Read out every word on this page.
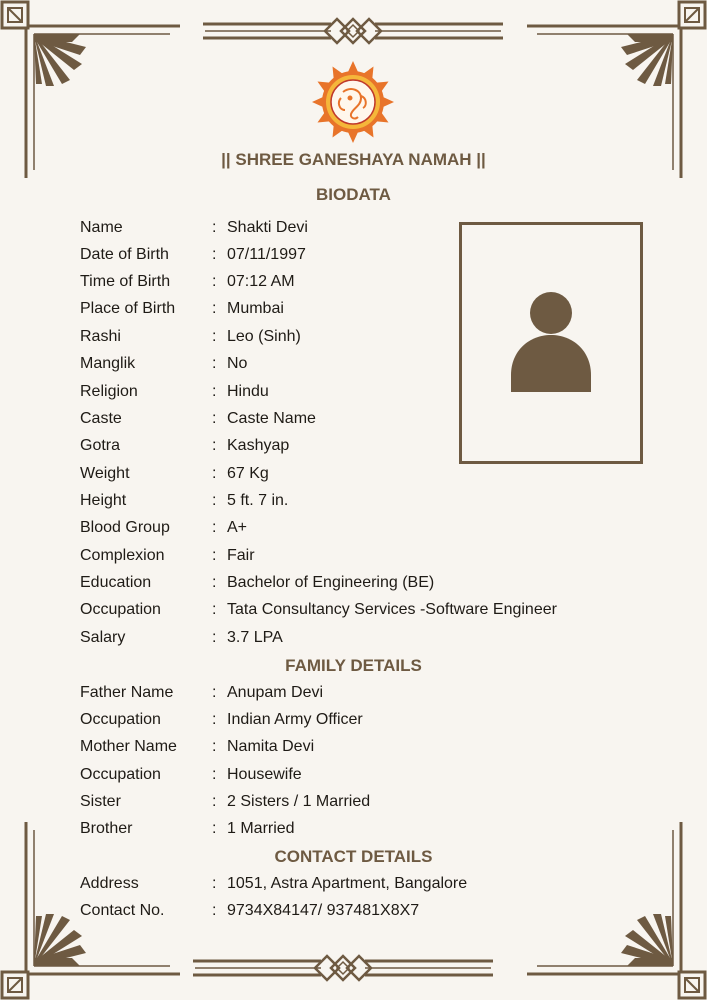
|| SHREE GANESHAYA NAMAH ||
BIODATA
Name	: Shakti Devi
Date of Birth	: 07/11/1997
Time of Birth	: 07:12 AM
Place of Birth	: Mumbai
Rashi	: Leo (Sinh)
Manglik	: No
Religion	: Hindu
Caste	: Caste Name
Gotra	: Kashyap
Weight	: 67 Kg
Height	: 5 ft. 7 in.
Blood Group	: A+
Complexion	: Fair
Education	: Bachelor of Engineering (BE)
Occupation	: Tata Consultancy Services -Software Engineer
Salary	: 3.7 LPA
FAMILY DETAILS
Father Name	: Anupam Devi
Occupation	: Indian Army Officer
Mother Name	: Namita Devi
Occupation	: Housewife
Sister	: 2 Sisters / 1 Married
Brother	: 1 Married
CONTACT DETAILS
Address	: 1051, Astra Apartment, Bangalore
Contact No.	: 9734X84147/ 937481X8X7
